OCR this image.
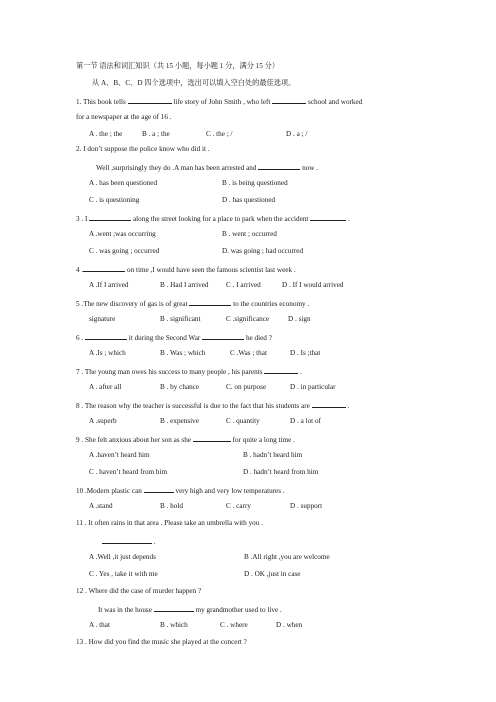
第一节 语法和词汇知识（共 15 小题，每小题 1 分，满分 15 分）
从 A、B、C、D 四个选项中，选出可以填入空白处的最佳选项。
1. This book tells	life story of John Smith , who left	school and worked
for a newspaper at the age of 16 .
A . the ; the	B . a ; the	C . the ; /	D . a ; /
2. I don’t suppose the police know who did it .
Well ,surprisingly they do .A man has been arrested and	now .
A . has been questioned	B . is being questioned
C . is questioning	D . has questioned
3 . I	along the street looking for a place to park when the accident	.
A .went ;was occurring	B . went ; occurred
C . was going ; occurred	D. was going ; had occurred
4 .	on time ,I would have seen the famous scientist last week .
A .If I arrived	B . Had I arrived C . I arrived	D . If I would arrived
5 .The new discovery of gas is of great	to the countries economy .
signature	B . significant	C .significance	D . sign
6 .	it during the Second War	he died ?
A .Is ; which	B . Was ; which	C .Was ; that	D . Is ;that
7 . The young man owes his success to many people , his parents	.
A . after all	B . by chance	C. on purpose	D . in particular
8 . The reason why the teacher is successful is due to the fact that his students are	.
A .superb	B . expensive	C . quantity	D . a lot of
9 . She felt anxious about her son as she	for quite a long time .
A .haven’t heard him	B . hadn’t heard him
C . haven’t heard from him	D . hadn’t heard from him
10 .Modern plastic can	very high and very low temperatures .
A .stand	B . hold	C . carry	D . support
11 . It often rains in that area . Please take an umbrella with you .
.
A .Well ,it just depends	B .All right ,you are welcome
C . Yes , take it with me	D . OK ,just in case
12 . Where did the case of murder happen ?
It was in the house	my grandmother used to live .
A . that	B . which	C . where	D . when
13 . How did you find the music she played at the concert ?
